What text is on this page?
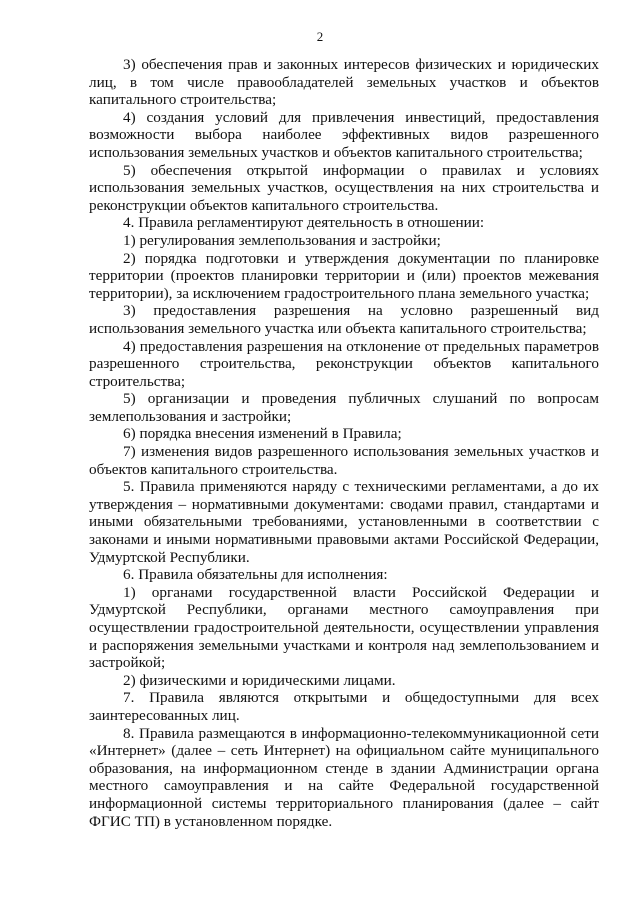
2

3) обеспечения прав и законных интересов физических и юридических лиц, в том числе правообладателей земельных участков и объектов капитального строительства;

4) создания условий для привлечения инвестиций, предоставления возможности выбора наиболее эффективных видов разрешенного использования земельных участков и объектов капитального строительства;

5) обеспечения открытой информации о правилах и условиях использования земельных участков, осуществления на них строительства и реконструкции объектов капитального строительства.

4. Правила регламентируют деятельность в отношении:

1) регулирования землепользования и застройки;

2) порядка подготовки и утверждения документации по планировке территории (проектов планировки территории и (или) проектов межевания территории), за исключением градостроительного плана земельного участка;

3) предоставления разрешения на условно разрешенный вид использования земельного участка или объекта капитального строительства;

4) предоставления разрешения на отклонение от предельных параметров разрешенного строительства, реконструкции объектов капитального строительства;

5) организации и проведения публичных слушаний по вопросам землепользования и застройки;

6) порядка внесения изменений в Правила;

7) изменения видов разрешенного использования земельных участков и объектов капитального строительства.

5. Правила применяются наряду с техническими регламентами, а до их утверждения – нормативными документами: сводами правил, стандартами и иными обязательными требованиями, установленными в соответствии с законами и иными нормативными правовыми актами Российской Федерации, Удмуртской Республики.

6. Правила обязательны для исполнения:

1) органами государственной власти Российской Федерации и Удмуртской Республики, органами местного самоуправления при осуществлении градостроительной деятельности, осуществлении управления и распоряжения земельными участками и контроля над землепользованием и застройкой;

2) физическими и юридическими лицами.

7. Правила являются открытыми и общедоступными для всех заинтересованных лиц.

8. Правила размещаются в информационно-телекоммуникационной сети «Интернет» (далее – сеть Интернет) на официальном сайте муниципального образования, на информационном стенде в здании Администрации органа местного самоуправления и на сайте Федеральной государственной информационной системы территориального планирования (далее – сайт ФГИС ТП) в установленном порядке.
